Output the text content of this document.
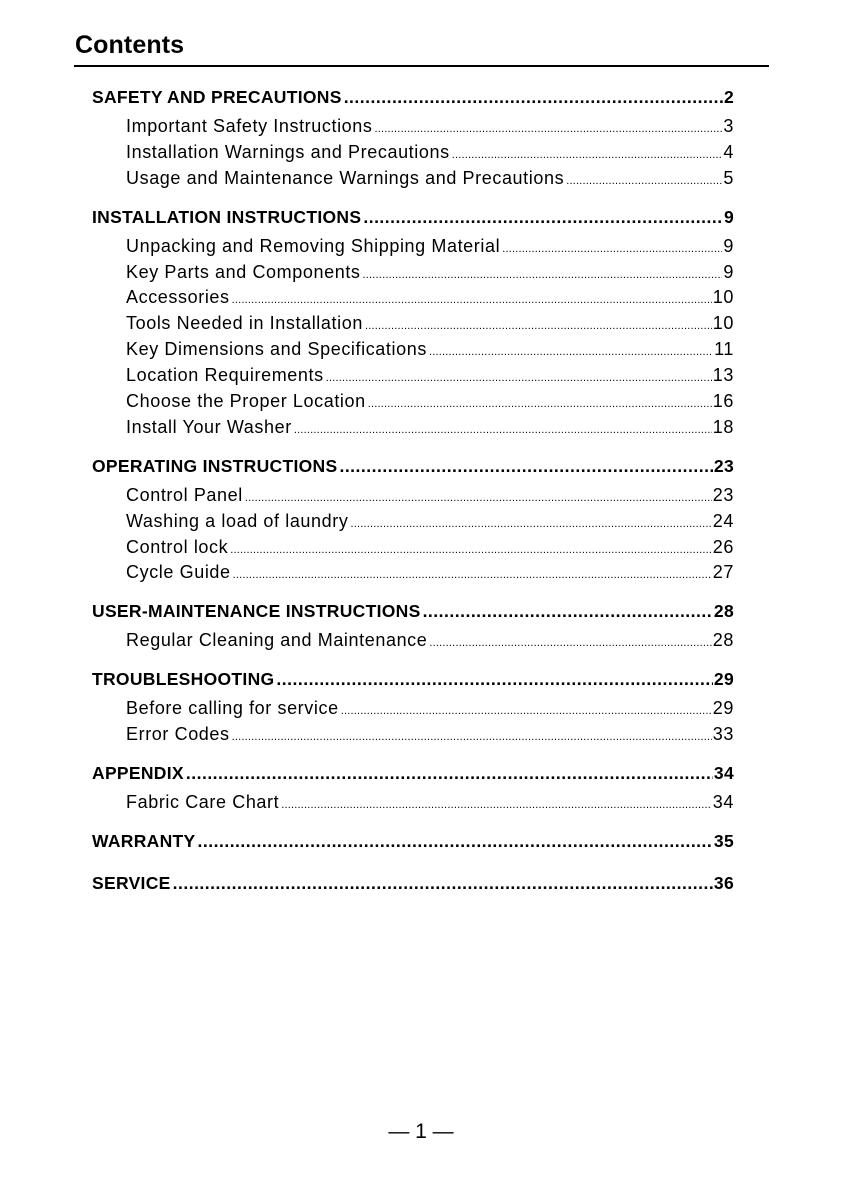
Contents
SAFETY AND PRECAUTIONS .....	2
Important Safety Instructions .....	3
Installation Warnings and Precautions .....	4
Usage and Maintenance Warnings and Precautions .....	5
INSTALLATION INSTRUCTIONS .....	9
Unpacking and Removing Shipping Material .....	9
Key Parts and Components .....	9
Accessories .....	10
Tools Needed in Installation .....	10
Key Dimensions and Specifications .....	11
Location Requirements .....	13
Choose the Proper Location .....	16
Install Your Washer .....	18
OPERATING INSTRUCTIONS .....	23
Control Panel .....	23
Washing a load of laundry .....	24
Control lock .....	26
Cycle Guide .....	27
USER-MAINTENANCE INSTRUCTIONS .....	28
Regular Cleaning and Maintenance .....	28
TROUBLESHOOTING .....	29
Before calling for service .....	29
Error Codes .....	33
APPENDIX .....	34
Fabric Care Chart .....	34
WARRANTY .....	35
SERVICE .....	36
— 1 —
